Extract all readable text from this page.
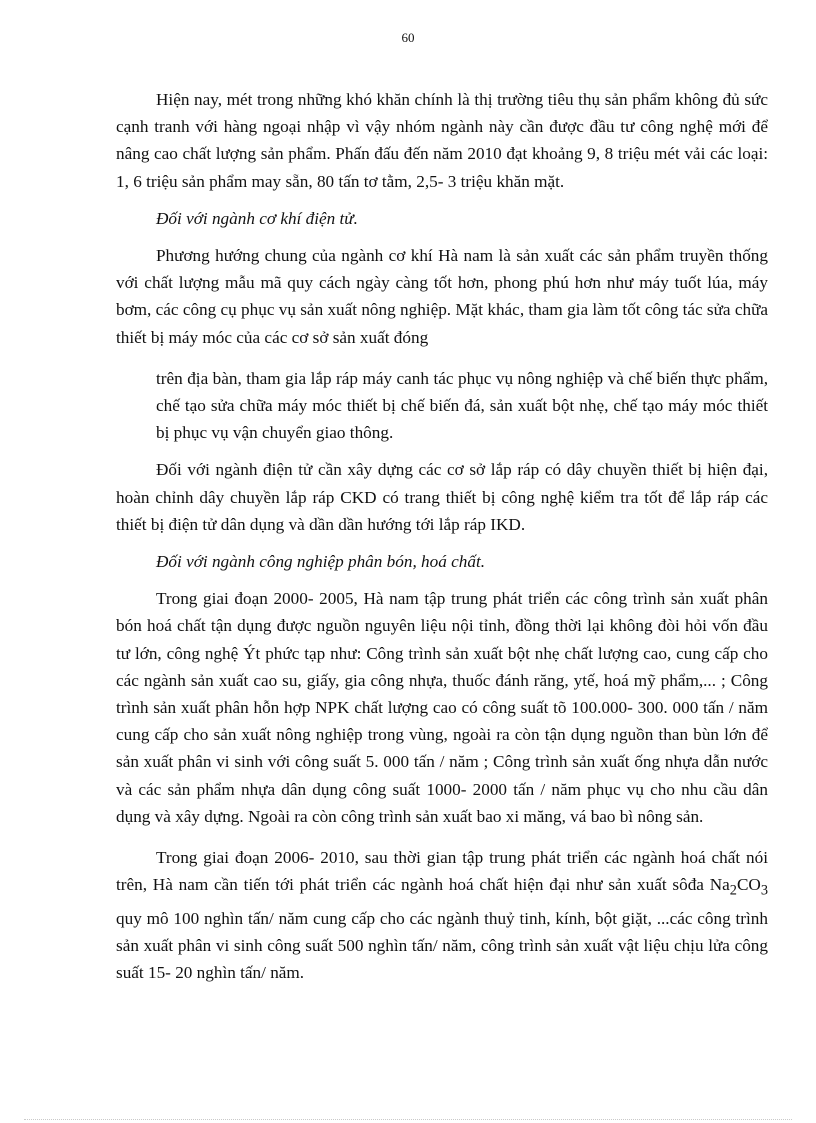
60

Hiện nay, mét trong những khó khăn chính là thị trường tiêu thụ sản phẩm không đủ sức cạnh tranh với hàng ngoại nhập vì vậy nhóm ngành này cần được đầu tư công nghệ mới để nâng cao chất lượng sản phẩm. Phấn đấu đến năm 2010 đạt khoảng 9, 8 triệu mét vải các loại: 1, 6 triệu sản phẩm may sẵn, 80 tấn tơ tằm, 2,5- 3 triệu khăn mặt.

Đối với ngành cơ khí điện tử.

Phương hướng chung của ngành cơ khí Hà nam là sản xuất các sản phẩm truyền thống với chất lượng mẫu mã quy cách ngày càng tốt hơn, phong phú hơn như máy tuốt lúa, máy bơm, các công cụ phục vụ sản xuất nông nghiệp. Mặt khác, tham gia làm tốt công tác sửa chữa thiết bị máy móc của các cơ sở sản xuất đóng

trên địa bàn, tham gia lắp ráp máy canh tác phục vụ nông nghiệp và chế biến thực phẩm, chế tạo sửa chữa máy móc thiết bị chế biến đá, sản xuất bột nhẹ, chế tạo máy móc thiết bị phục vụ vận chuyển giao thông.

Đối với ngành điện tử cần xây dựng các cơ sở lắp ráp có dây chuyền thiết bị hiện đại, hoàn chỉnh dây chuyền lắp ráp CKD có trang thiết bị công nghệ kiểm tra tốt để lắp ráp các thiết bị điện tử dân dụng và dần dần hướng tới lắp ráp IKD.

Đối với ngành công nghiệp phân bón, hoá chất.

Trong giai đoạn 2000- 2005, Hà nam tập trung phát triển các công trình sản xuất phân bón hoá chất tận dụng được nguồn nguyên liệu nội tỉnh, đồng thời lại không đòi hỏi vốn đầu tư lớn, công nghệ Ýt phức tạp như: Công trình sản xuất bột nhẹ chất lượng cao, cung cấp cho các ngành sản xuất cao su, giấy, gia công nhựa, thuốc đánh răng, ytế, hoá mỹ phẩm,... ; Công trình sản xuất phân hỗn hợp NPK chất lượng cao có công suất tõ 100.000- 300. 000 tấn / năm cung cấp cho sản xuất nông nghiệp trong vùng, ngoài ra còn tận dụng nguồn than bùn lớn để sản xuất phân vi sinh với công suất 5. 000 tấn / năm ; Công trình sản xuất ống nhựa dẫn nước và các sản phẩm nhựa dân dụng công suất 1000- 2000 tấn / năm phục vụ cho nhu cầu dân dụng và xây dựng. Ngoài ra còn công trình sản xuất bao xi măng, vá bao bì nông sản.

Trong giai đoạn 2006- 2010, sau thời gian tập trung phát triển các ngành hoá chất nói trên, Hà nam cần tiến tới phát triển các ngành hoá chất hiện đại như sản xuất sôđa $Na_2CO_3$ quy mô 100 nghìn tấn/ năm cung cấp cho các ngành thuỷ tinh, kính, bột giặt, ...các công trình sản xuất phân vi sinh công suất 500 nghìn tấn/ năm, công trình sản xuất vật liệu chịu lửa công suất 15- 20 nghìn tấn/ năm.
